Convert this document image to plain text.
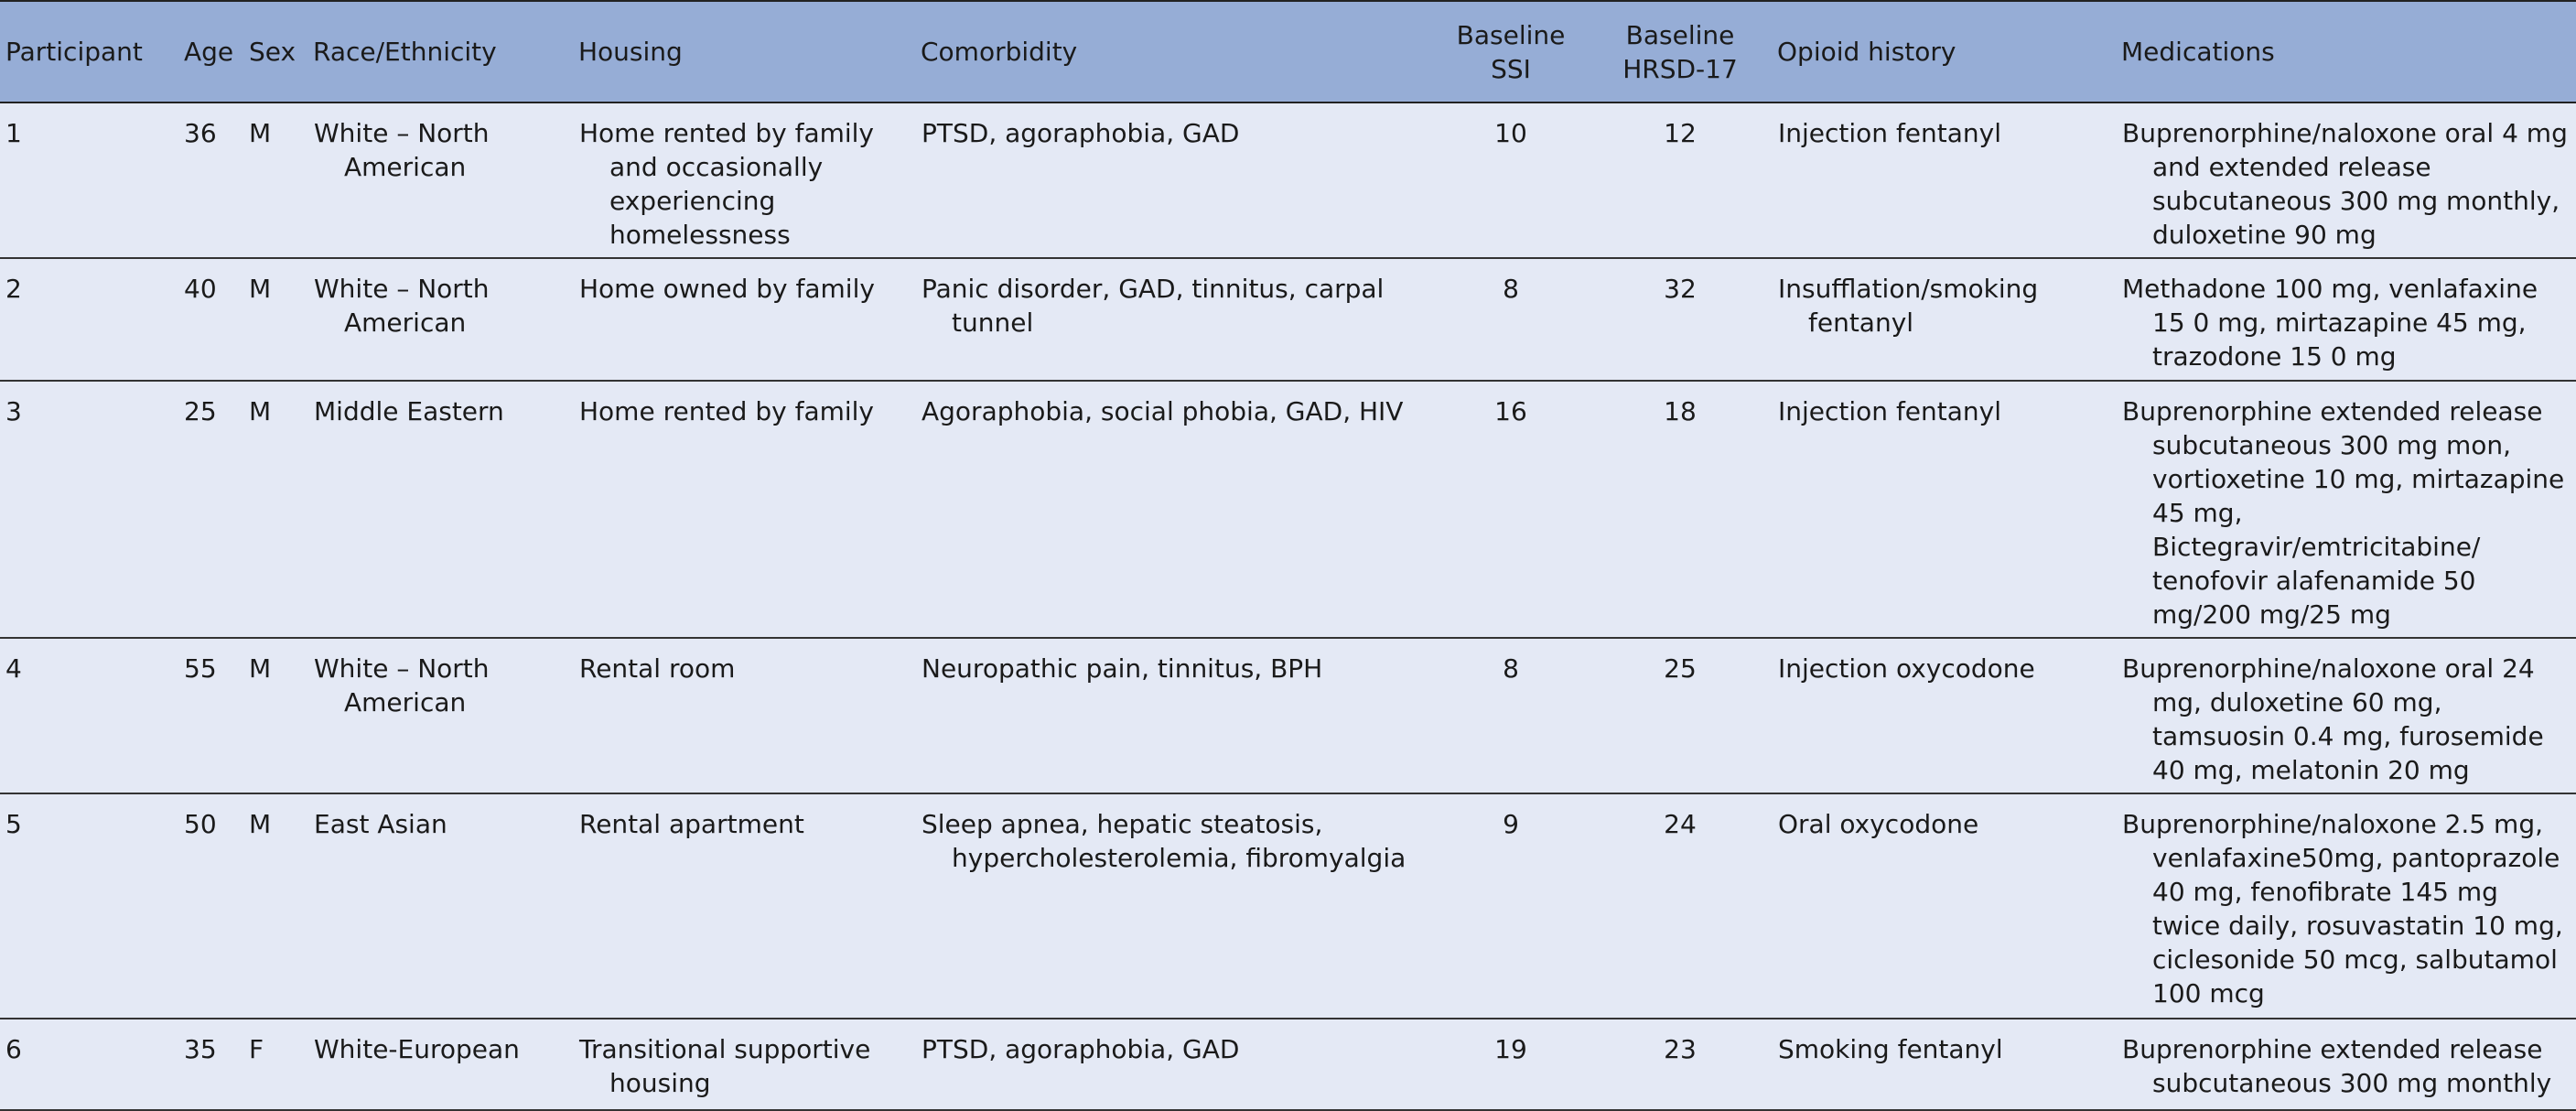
Participant	Age	Sex	Race/Ethnicity	Housing	Comorbidity	Baseline SSI	Baseline HRSD-17	Opioid history	Medications
1	36	M	White – North American	Home rented by family and occasionally experiencing homelessness	PTSD, agoraphobia, GAD	10	12	Injection fentanyl	Buprenorphine/naloxone oral 4 mg and extended release subcutaneous 300 mg monthly, duloxetine 90 mg
2	40	M	White – North American	Home owned by family	Panic disorder, GAD, tinnitus, carpal tunnel	8	32	Insufflation/smoking fentanyl	Methadone 100 mg, venlafaxine 15 0 mg, mirtazapine 45 mg, trazodone 15 0 mg
3	25	M	Middle Eastern	Home rented by family	Agoraphobia, social phobia, GAD, HIV	16	18	Injection fentanyl	Buprenorphine extended release subcutaneous 300 mg mon, vortioxetine 10 mg, mirtazapine 45 mg, Bictegravir/emtricitabine/ tenofovir alafenamide 50 mg/200 mg/25 mg
4	55	M	White – North American	Rental room	Neuropathic pain, tinnitus, BPH	8	25	Injection oxycodone	Buprenorphine/naloxone oral 24 mg, duloxetine 60 mg, tamsuosin 0.4 mg, furosemide 40 mg, melatonin 20 mg
5	50	M	East Asian	Rental apartment	Sleep apnea, hepatic steatosis, hypercholesterolemia, fibromyalgia	9	24	Oral oxycodone	Buprenorphine/naloxone 2.5 mg, venlafaxine50mg, pantoprazole 40 mg, fenofibrate 145 mg twice daily, rosuvastatin 10 mg, ciclesonide 50 mcg, salbutamol 100 mcg
6	35	F	White-European	Transitional supportive housing	PTSD, agoraphobia, GAD	19	23	Smoking fentanyl	Buprenorphine extended release subcutaneous 300 mg monthly
